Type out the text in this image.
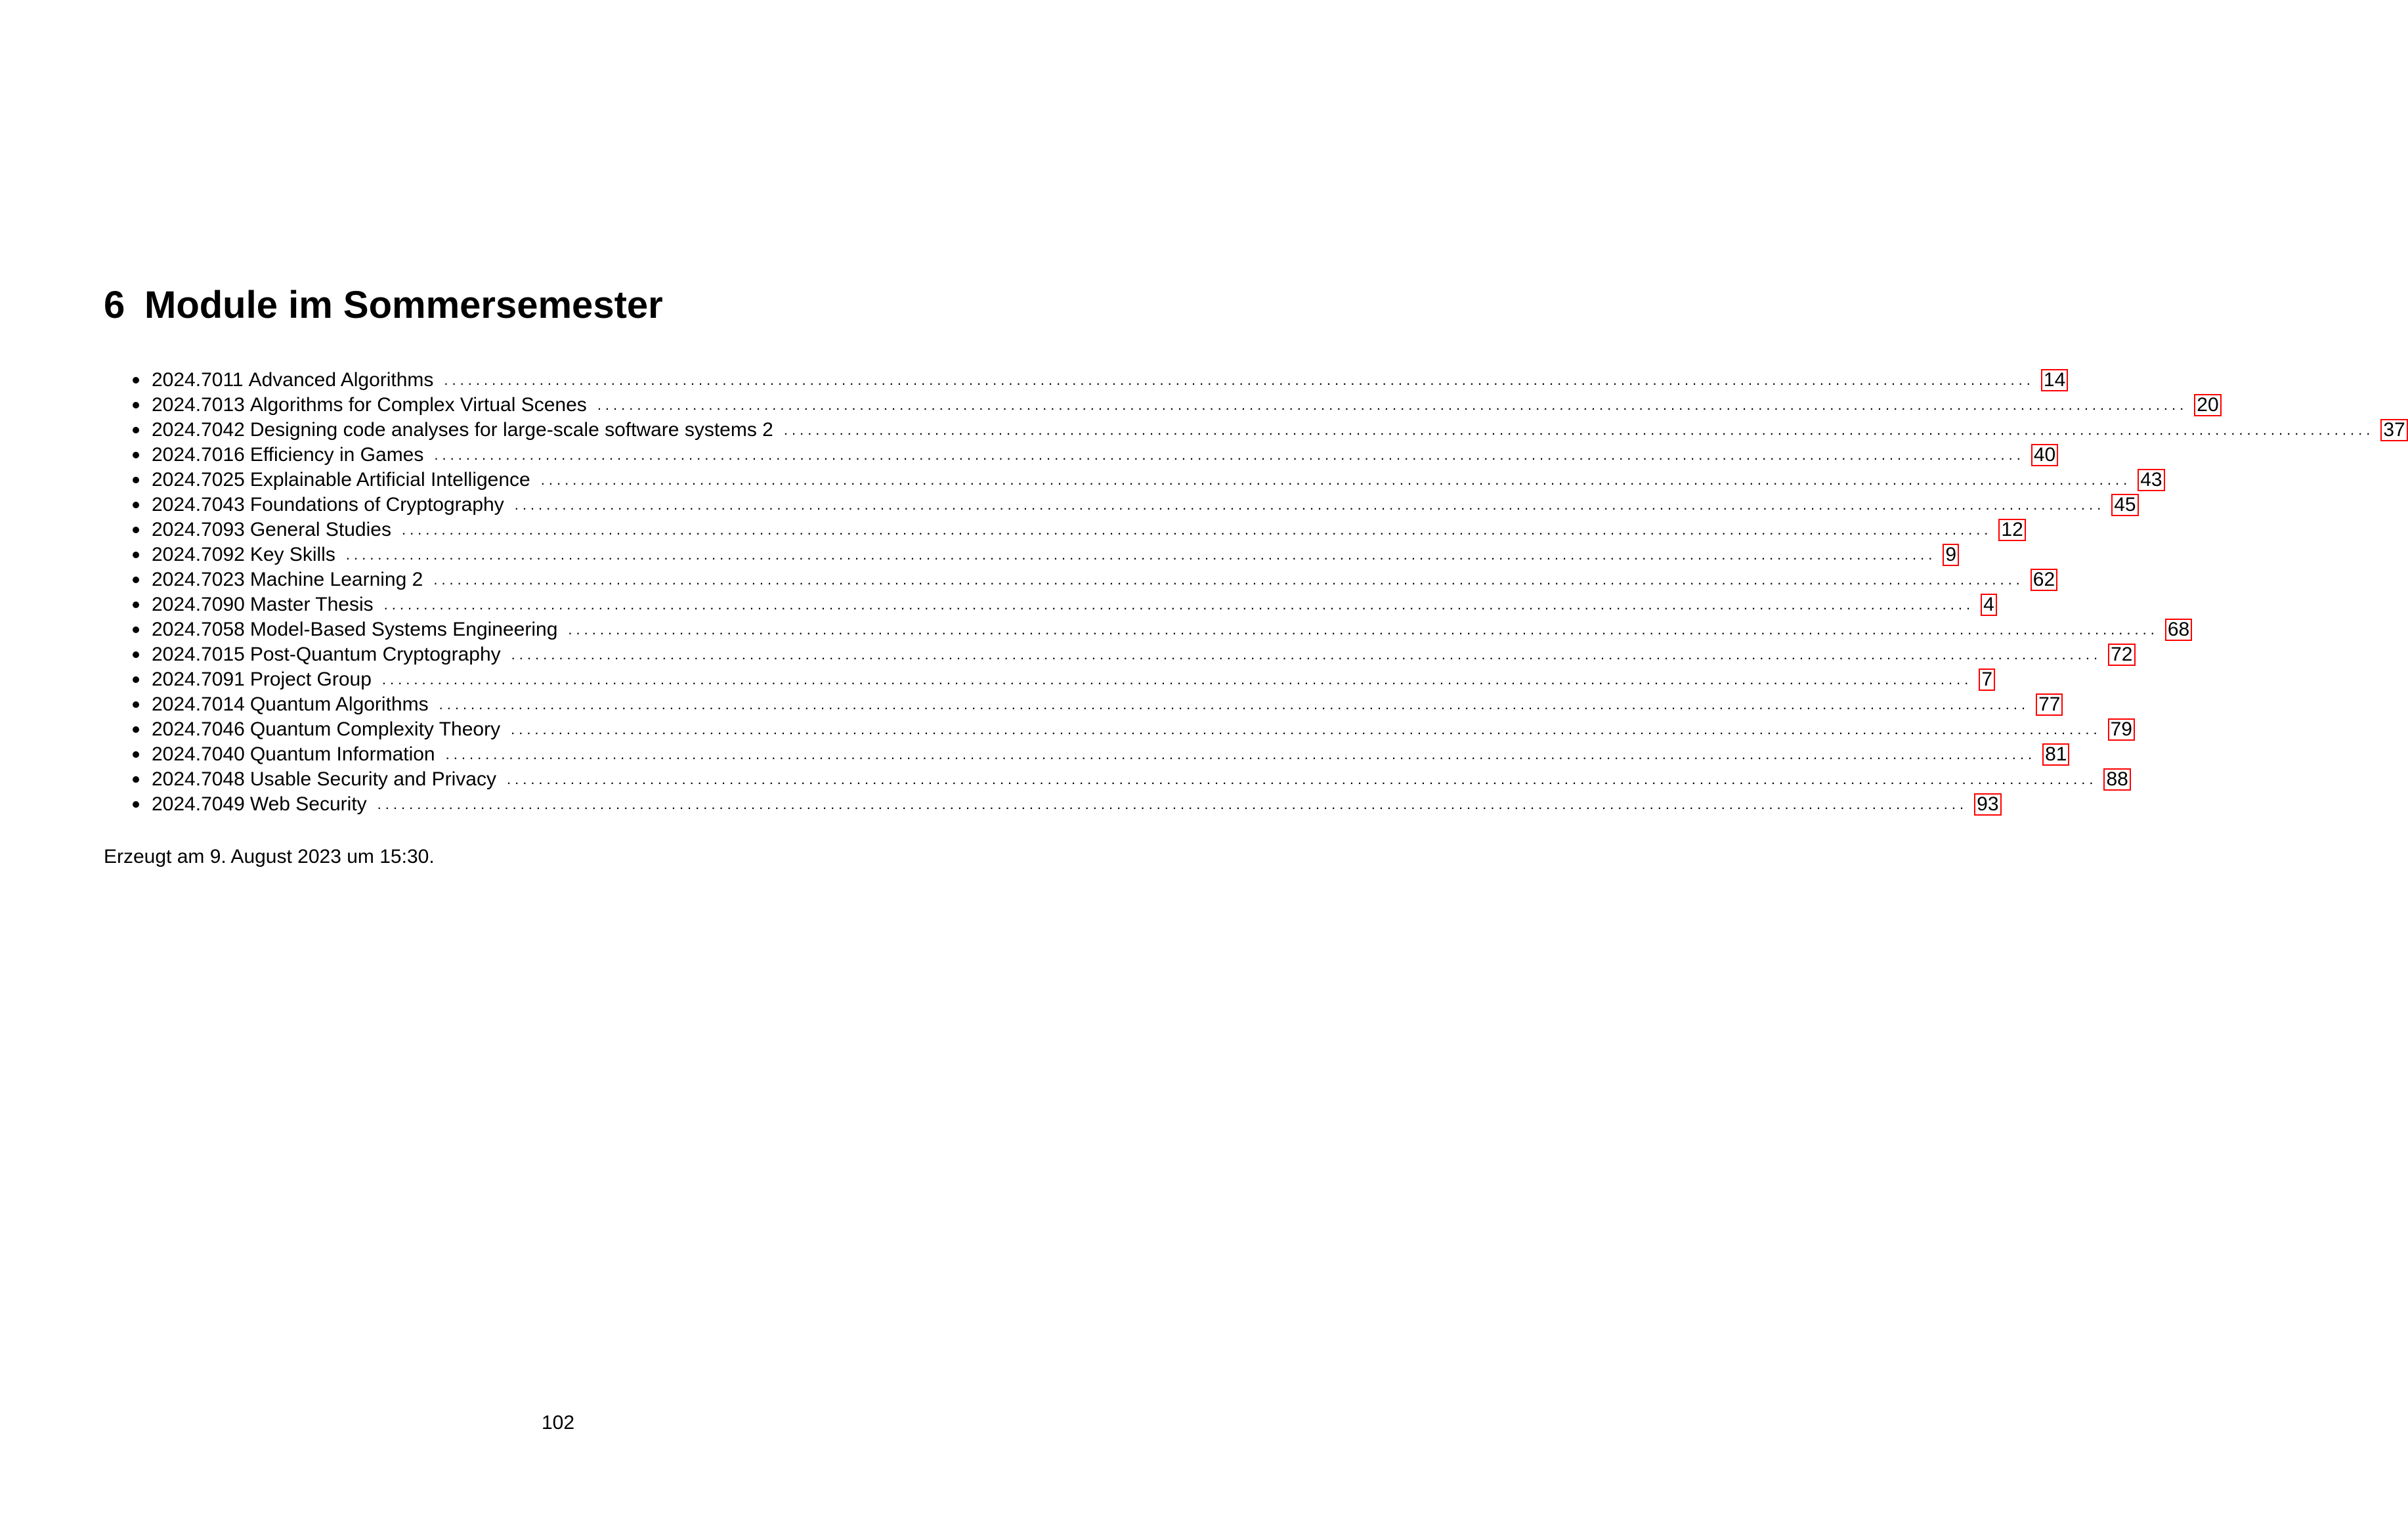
6 Module im Sommersemester
2024.7011 Advanced Algorithms ........................................................................................................................................................................................................ 14
2024.7013 Algorithms for Complex Virtual Scenes ........................................................................................................................................................................................................ 20
2024.7042 Designing code analyses for large-scale software systems 2 ........................................................................................................................................................................................................ 37
2024.7016 Efficiency in Games ........................................................................................................................................................................................................ 40
2024.7025 Explainable Artificial Intelligence ........................................................................................................................................................................................................ 43
2024.7043 Foundations of Cryptography ........................................................................................................................................................................................................ 45
2024.7093 General Studies ........................................................................................................................................................................................................ 12
2024.7092 Key Skills ........................................................................................................................................................................................................ 9
2024.7023 Machine Learning 2 ........................................................................................................................................................................................................ 62
2024.7090 Master Thesis ........................................................................................................................................................................................................ 4
2024.7058 Model-Based Systems Engineering ........................................................................................................................................................................................................ 68
2024.7015 Post-Quantum Cryptography ........................................................................................................................................................................................................ 72
2024.7091 Project Group ........................................................................................................................................................................................................ 7
2024.7014 Quantum Algorithms ........................................................................................................................................................................................................ 77
2024.7046 Quantum Complexity Theory ........................................................................................................................................................................................................ 79
2024.7040 Quantum Information ........................................................................................................................................................................................................ 81
2024.7048 Usable Security and Privacy ........................................................................................................................................................................................................ 88
2024.7049 Web Security ........................................................................................................................................................................................................ 93

Erzeugt am 9. August 2023 um 15:30.

102
